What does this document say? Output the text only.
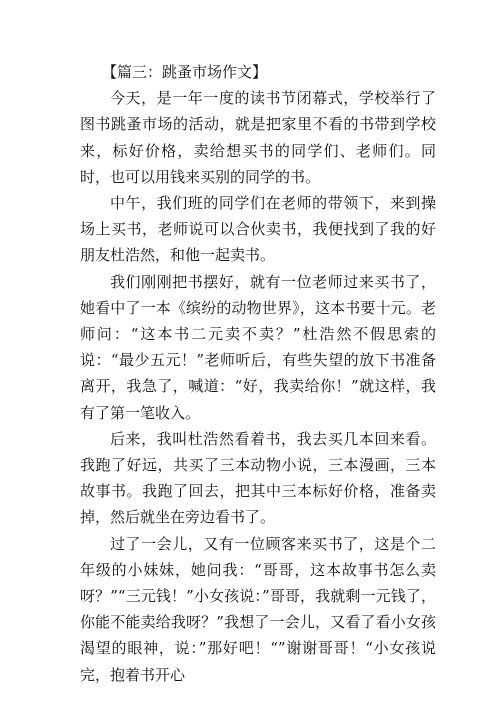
【篇三：跳蚤市场作文】

今天，是一年一度的读书节闭幕式，学校举行了图书跳蚤市场的活动，就是把家里不看的书带到学校来，标好价格，卖给想买书的同学们、老师们。同时，也可以用钱来买别的同学的书。

中午，我们班的同学们在老师的带领下，来到操场上买书，老师说可以合伙卖书，我便找到了我的好朋友杜浩然，和他一起卖书。

我们刚刚把书摆好，就有一位老师过来买书了，她看中了一本《缤纷的动物世界》，这本书要十元。老师问：“这本书二元卖不卖？”杜浩然不假思索的说：“最少五元！”老师听后，有些失望的放下书准备离开，我急了，喊道：“好，我卖给你！”就这样，我有了第一笔收入。

后来，我叫杜浩然看着书，我去买几本回来看。我跑了好远，共买了三本动物小说，三本漫画，三本故事书。我跑了回去，把其中三本标好价格，准备卖掉，然后就坐在旁边看书了。

过了一会儿，又有一位顾客来买书了，这是个二年级的小妹妹，她问我：“哥哥，这本故事书怎么卖呀？”“三元钱！”小女孩说：”哥哥，我就剩一元钱了，你能不能卖给我呀？”我想了一会儿，又看了看小女孩渴望的眼神，说：”那好吧！“”谢谢哥哥！“小女孩说完，抱着书开心
